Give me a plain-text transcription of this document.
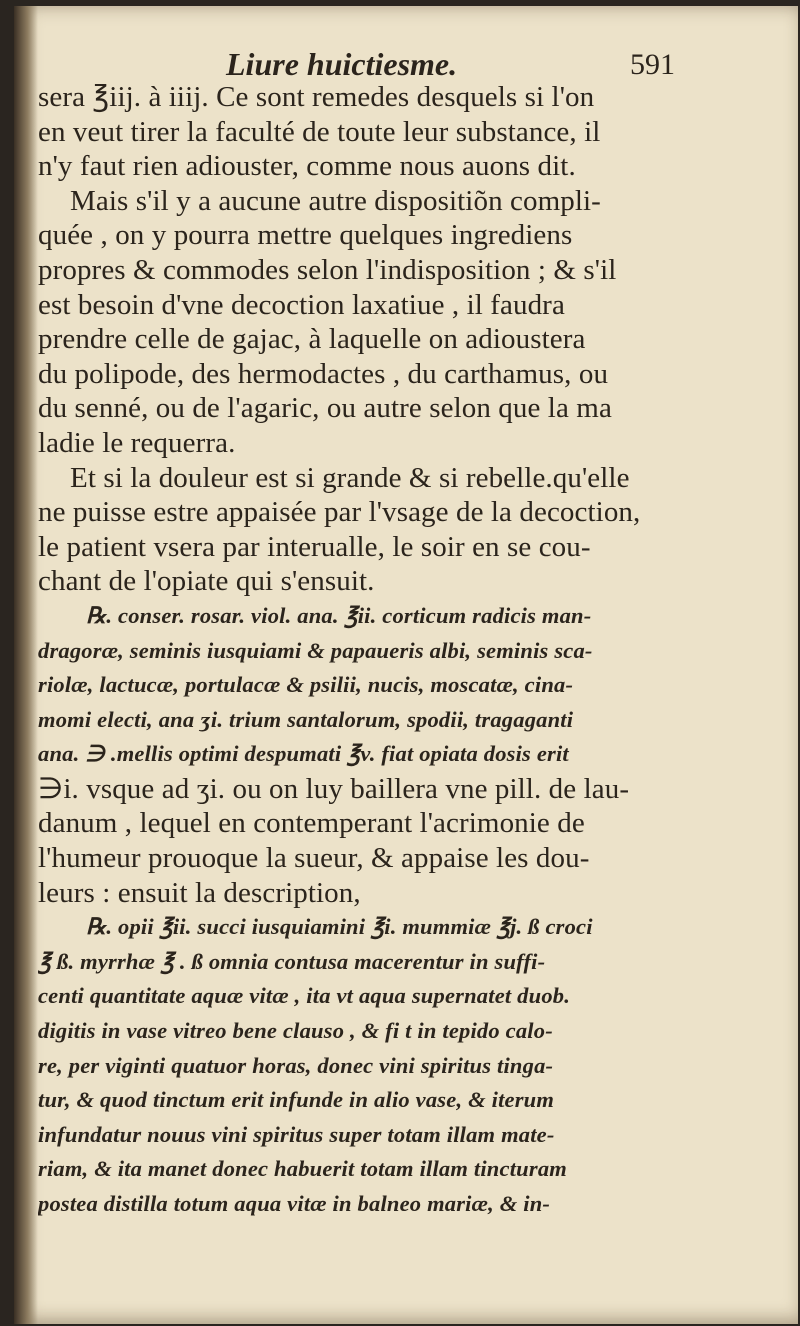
Liure huictiesme.	591
sera ℥iij. à iiij. Ce sont remedes desquels si l'on
en veut tirer la faculté de toute leur substance, il
n'y faut rien adiouster, comme nous auons dit.
Mais s'il y a aucune autre dispositiõn compli-
quée , on y pourra mettre quelques ingrediens
propres & commodes selon l'indisposition ; & s'il
est besoin d'vne decoction laxatiue , il faudra
prendre celle de gajac, à laquelle on adioustera
du polipode, des hermodactes , du carthamus, ou
du senné, ou de l'agaric, ou autre selon que la ma
ladie le requerra.
Et si la douleur est si grande & si rebelle.qu'elle
ne puisse estre appaisée par l'vsage de la decoction,
le patient vsera par interualle, le soir en se cou-
chant de l'opiate qui s'ensuit.
℞. conser. rosar. viol. ana. ℥ii. corticum radicis man-
dragoræ, seminis iusquiami & papaueris albi, seminis sca-
riolæ, lactucæ, portulacæ & psilii, nucis, moscatæ, cina-
momi electi, ana ʒi. trium santalorum, spodii, tragaganti
ana. ∋ .mellis optimi despumati ℥v. fiat opiata dosis erit
∋i. vsque ad ʒi. ou on luy baillera vne pill. de lau-
danum , lequel en contemperant l'acrimonie de
l'humeur prouoque la sueur, & appaise les dou-
leurs : ensuit la description,
℞. opii ℥ii. succi iusquiamini ℥i. mummiæ ℥j. ß croci
℥ ß. myrrhæ ℥ . ß omnia contusa macerentur in suffi-
centi quantitate aquæ vitæ , ita vt aqua supernatet duob.
digitis in vase vitreo bene clauso , & fi t in tepido calo-
re, per viginti quatuor horas, donec vini spiritus tinga-
tur, & quod tinctum erit infunde in alio vase, & iterum
infundatur nouus vini spiritus super totam illam mate-
riam, & ita manet donec habuerit totam illam tincturam
postea distilla totum aqua vitæ in balneo mariæ, & in-
